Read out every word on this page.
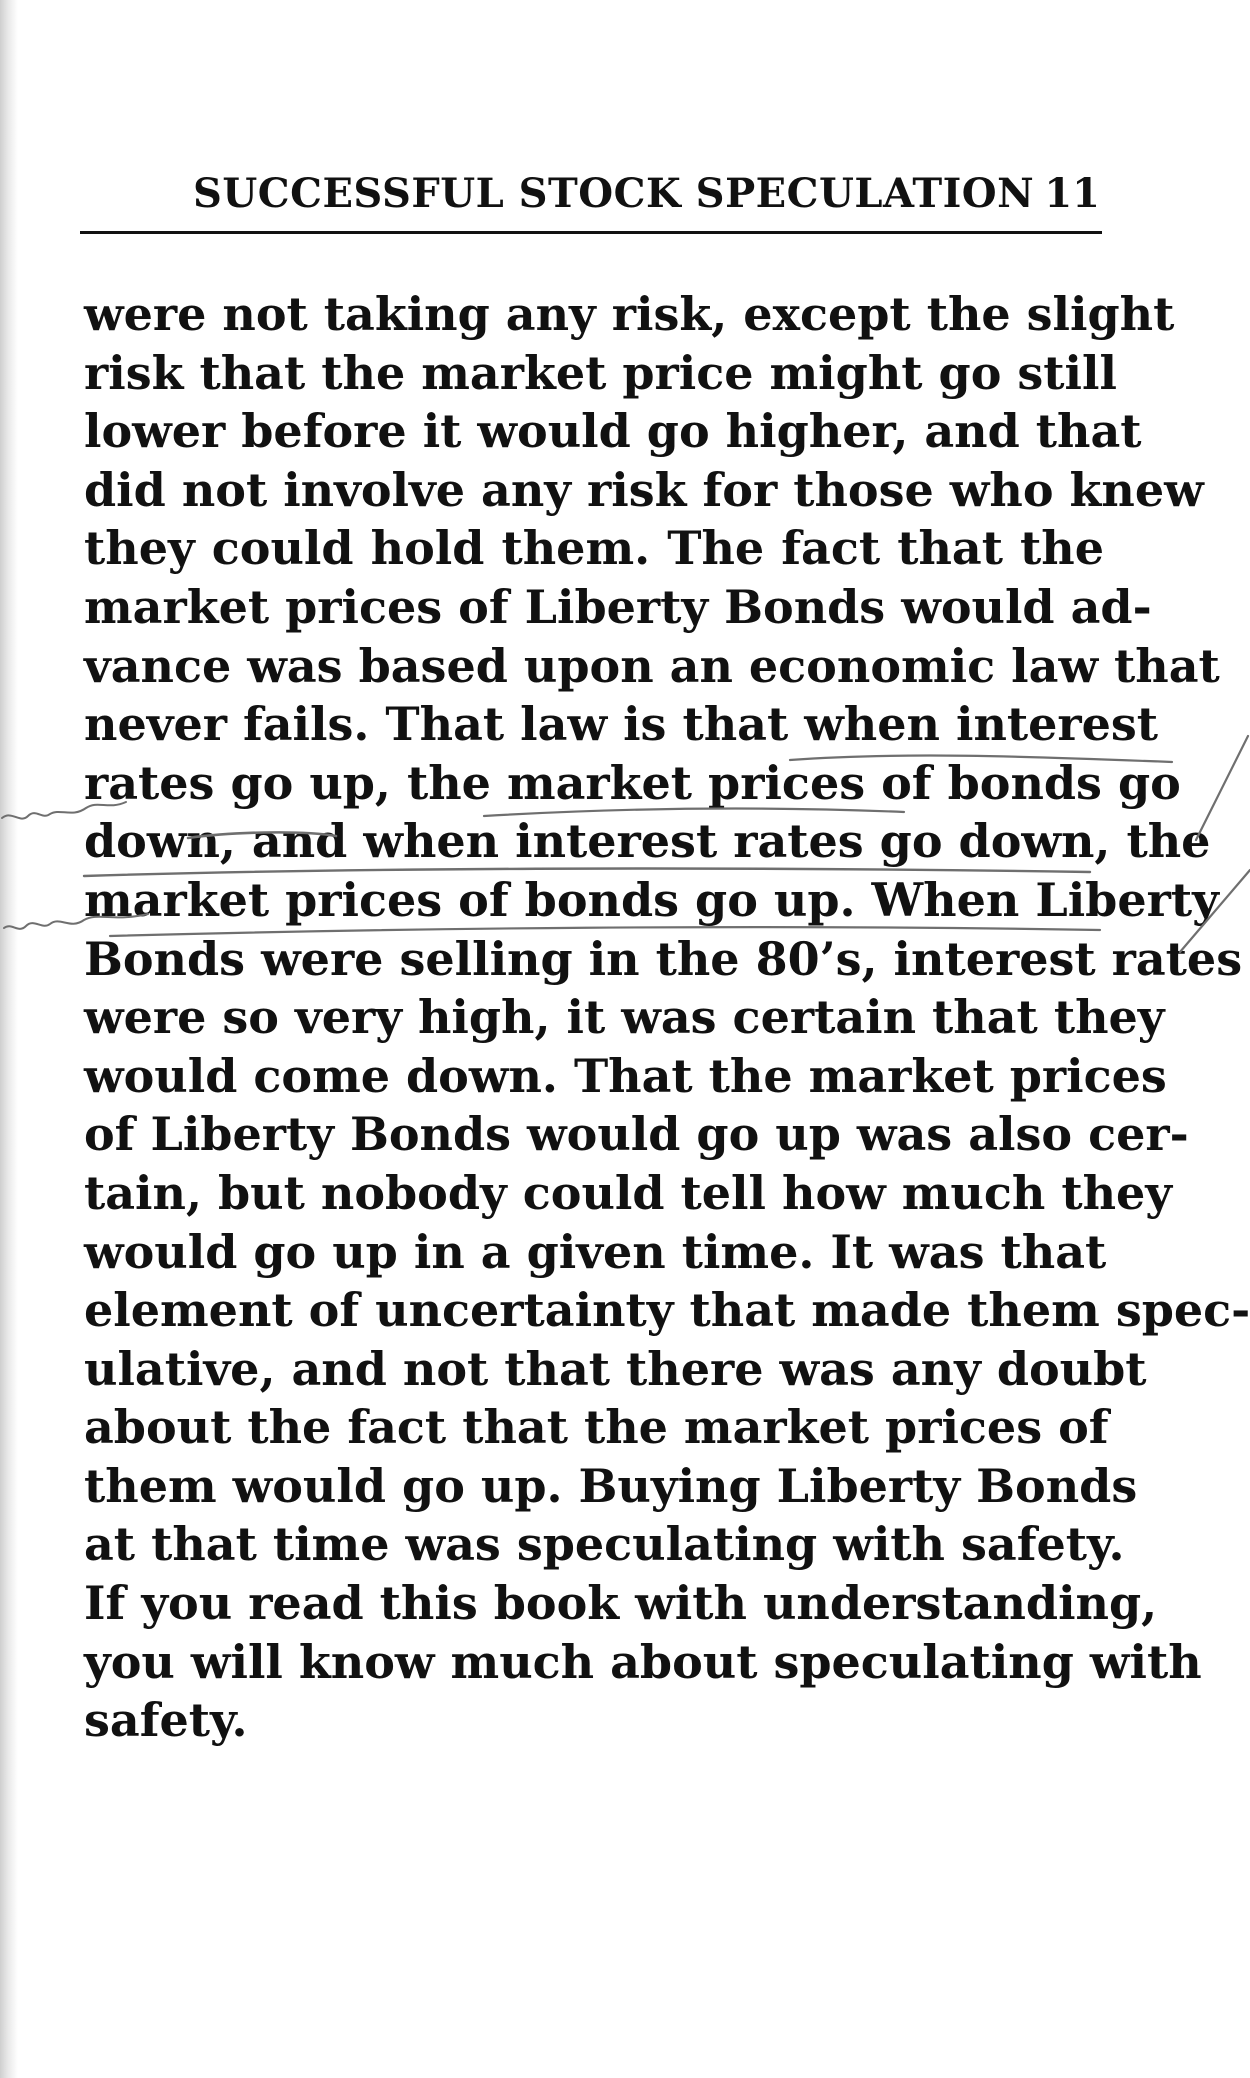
SUCCESSFUL STOCK SPECULATION 11
were not taking any risk, except the slight
risk that the market price might go still
lower before it would go higher, and that
did not involve any risk for those who knew
they could hold them. The fact that the
market prices of Liberty Bonds would ad-
vance was based upon an economic law that
never fails. That law is that when interest
rates go up, the market prices of bonds go
down, and when interest rates go down, the
market prices of bonds go up. When Liberty
Bonds were selling in the 80’s, interest rates
were so very high, it was certain that they
would come down. That the market prices
of Liberty Bonds would go up was also cer-
tain, but nobody could tell how much they
would go up in a given time. It was that
element of uncertainty that made them spec-
ulative, and not that there was any doubt
about the fact that the market prices of
them would go up. Buying Liberty Bonds
at that time was speculating with safety.
If you read this book with understanding,
you will know much about speculating with
safety.
